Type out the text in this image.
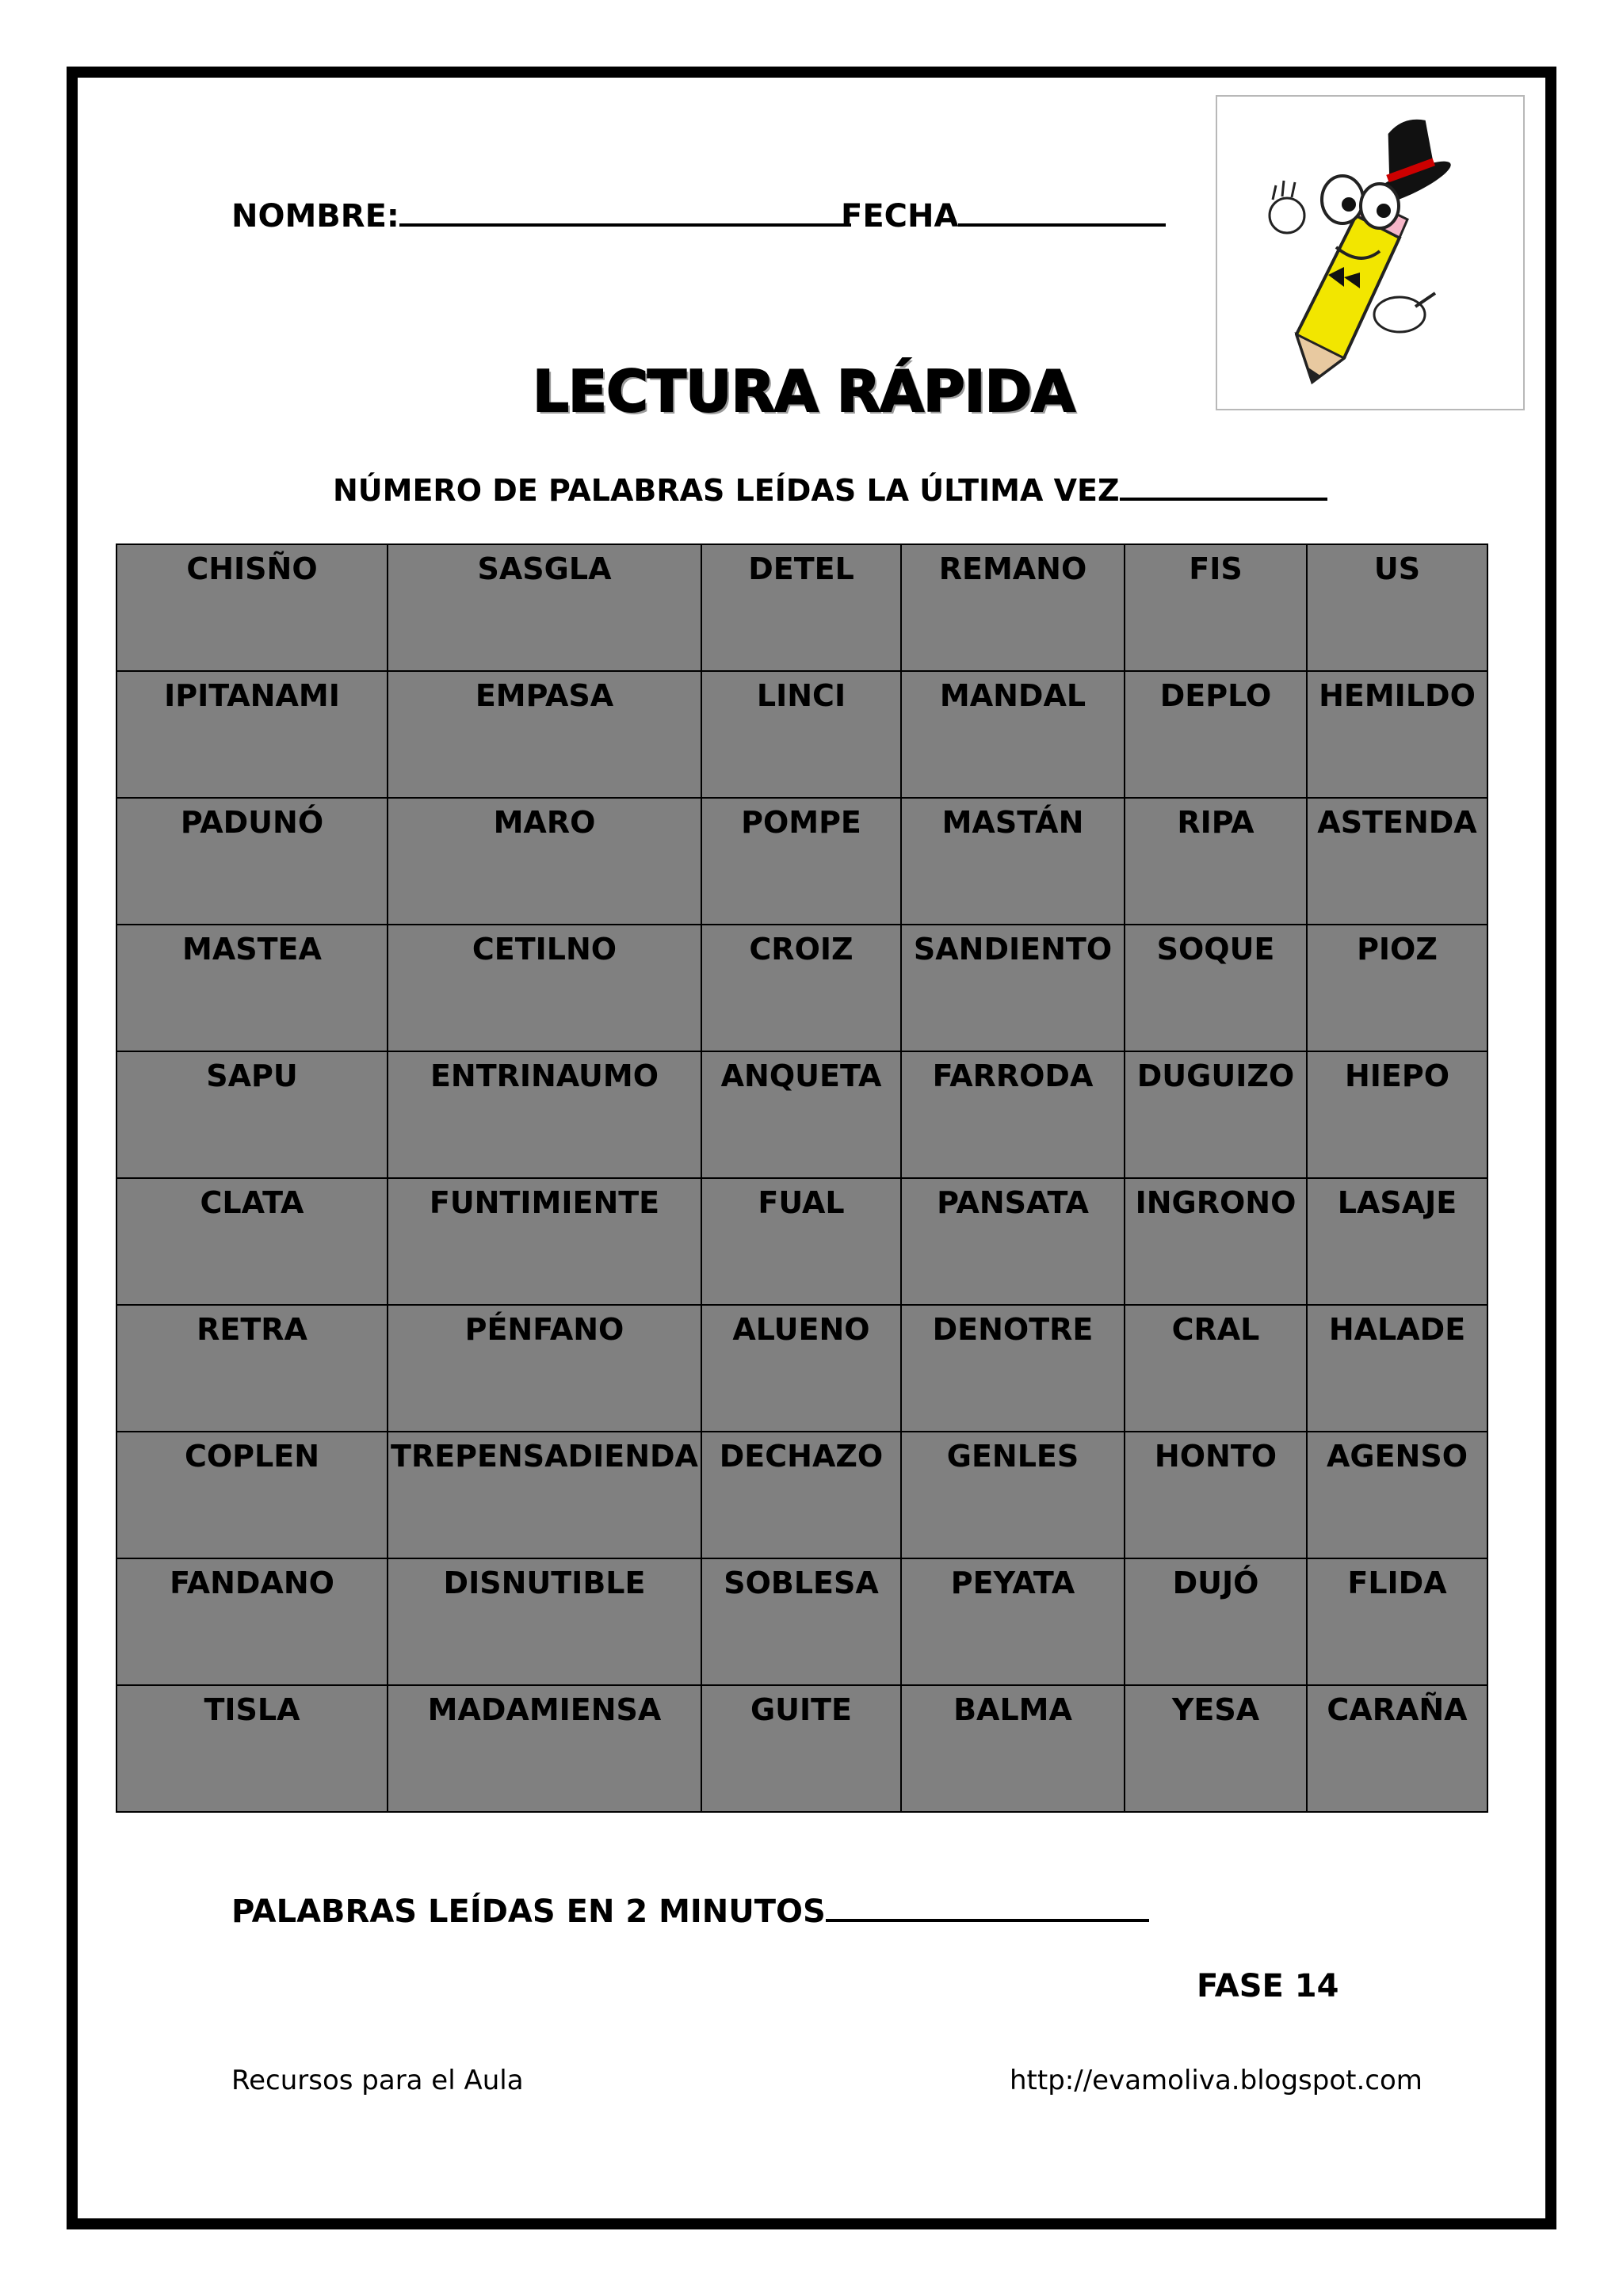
NOMBRE:	FECHA
LECTURA RÁPIDA
NÚMERO DE PALABRAS LEÍDAS LA ÚLTIMA VEZ
CHISÑO	SASGLA	DETEL	REMANO	FIS	US
IPITANAMI	EMPASA	LINCI	MANDAL	DEPLO	HEMILDO
PADUNÓ	MARO	POMPE	MASTÁN	RIPA	ASTENDA
MASTEA	CETILNO	CROIZ	SANDIENTO	SOQUE	PIOZ
SAPU	ENTRINAUMO	ANQUETA	FARRODA	DUGUIZO	HIEPO
CLATA	FUNTIMIENTE	FUAL	PANSATA	INGRONO	LASAJE
RETRA	PÉNFANO	ALUENO	DENOTRE	CRAL	HALADE
COPLEN	TREPENSADIENDA	DECHAZO	GENLES	HONTO	AGENSO
FANDANO	DISNUTIBLE	SOBLESA	PEYATA	DUJÓ	FLIDA
TISLA	MADAMIENSA	GUITE	BALMA	YESA	CARAÑA
PALABRAS LEÍDAS EN 2 MINUTOS
FASE 14
Recursos para el Aula	http://evamoliva.blogspot.com
